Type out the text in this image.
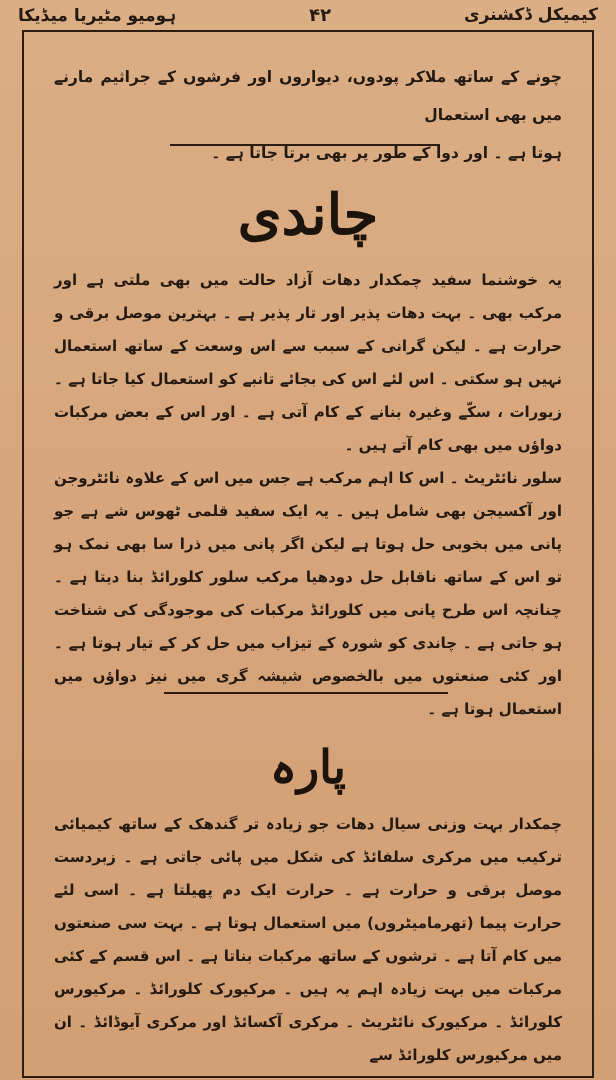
کیمیکل ڈکشنری
۴۲
ہومیو مٹیریا میڈیکا

چونے کے ساتھ ملاکر پودوں، دیواروں اور فرشوں کے جراثیم مارنے میں بھی استعمال

ہوتا ہے ۔ اور دوا کے طور پر بھی برتا جاتا ہے ۔

چاندی

یہ خوشنما سفید چمکدار دھات آزاد حالت میں بھی ملتی ہے اور مرکب بھی ۔ بہت دھات پذیر اور تار پذیر ہے ۔ بہترین موصل برقی و حرارت ہے ۔ لیکن گرانی کے سبب سے اس وسعت کے ساتھ استعمال نہیں ہو سکتی ۔ اس لئے اس کی بجائے تانبے کو استعمال کیا جاتا ہے ۔ زیورات ، سکّے وغیرہ بنانے کے کام آتی ہے ۔ اور اس کے بعض مرکبات دواؤں میں بھی کام آتے ہیں ۔

سلور نائٹریٹ ۔ اس کا اہم مرکب ہے جس میں اس کے علاوہ نائٹروجن اور آکسیجن بھی شامل ہیں ۔ یہ ایک سفید قلمی ٹھوس شے ہے جو پانی میں بخوبی حل ہوتا ہے لیکن اگر پانی میں ذرا سا بھی نمک ہو تو اس کے ساتھ ناقابل حل دودھیا مرکب سلور کلورائڈ بنا دیتا ہے ۔ چنانچہ اس طرح پانی میں کلورائڈ مرکبات کی موجودگی کی شناخت ہو جاتی ہے ۔ چاندی کو شورہ کے تیزاب میں حل کر کے تیار ہوتا ہے ۔ اور کئی صنعتوں میں بالخصوص شیشہ گری میں نیز دواؤں میں استعمال ہوتا ہے ۔

پارہ

چمکدار بہت وزنی سیال دھات جو زیادہ تر گندھک کے ساتھ کیمیائی ترکیب میں مرکری سلفائڈ کی شکل میں پائی جاتی ہے ۔ زبردست موصل برقی و حرارت ہے ۔ حرارت ایک دم پھیلتا ہے ۔ اسی لئے حرارت پیما (تھرمامیٹروں) میں استعمال ہوتا ہے ۔ بہت سی صنعتوں میں کام آتا ہے ۔ ترشوں کے ساتھ مرکبات بناتا ہے ۔ اس قسم کے کئی مرکبات میں بہت زیادہ اہم یہ ہیں ۔ مرکیورک کلورائڈ ۔ مرکیورس کلورائڈ ۔ مرکیورک نائٹریٹ ۔ مرکری آکسائڈ اور مرکری آیوڈائڈ ۔ ان میں مرکیورس کلورائڈ سے
